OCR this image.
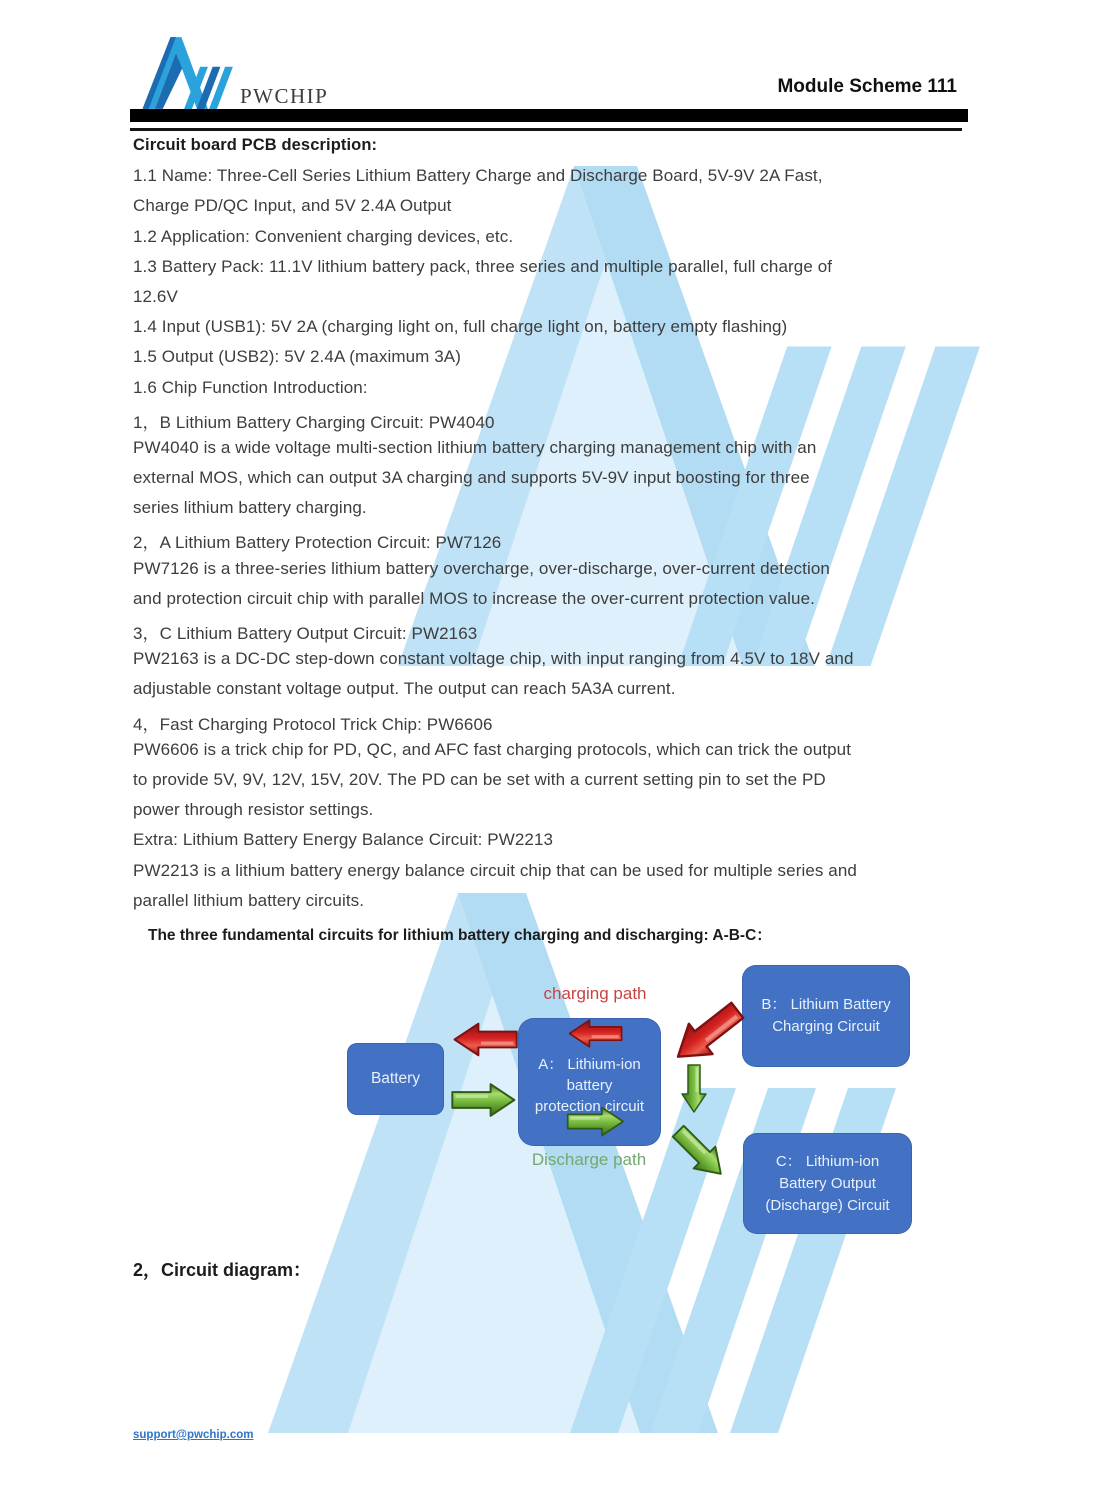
PWCHIP	Module Scheme 111
Circuit board PCB description:
1.1 Name: Three-Cell Series Lithium Battery Charge and Discharge Board, 5V-9V 2A Fast,
Charge PD/QC Input, and 5V 2.4A Output
1.2 Application: Convenient charging devices, etc.
1.3 Battery Pack: 11.1V lithium battery pack, three series and multiple parallel, full charge of
12.6V
1.4 Input (USB1): 5V 2A (charging light on, full charge light on, battery empty flashing)
1.5 Output (USB2): 5V 2.4A (maximum 3A)
1.6 Chip Function Introduction:
1，B Lithium Battery Charging Circuit: PW4040
PW4040 is a wide voltage multi-section lithium battery charging management chip with an
external MOS, which can output 3A charging and supports 5V-9V input boosting for three
series lithium battery charging.
2，A Lithium Battery Protection Circuit: PW7126
PW7126 is a three-series lithium battery overcharge, over-discharge, over-current detection
and protection circuit chip with parallel MOS to increase the over-current protection value.
3，C Lithium Battery Output Circuit: PW2163
PW2163 is a DC-DC step-down constant voltage chip, with input ranging from 4.5V to 18V and
adjustable constant voltage output. The output can reach 5A3A current.
4，Fast Charging Protocol Trick Chip: PW6606
PW6606 is a trick chip for PD, QC, and AFC fast charging protocols, which can trick the output
to provide 5V, 9V, 12V, 15V, 20V. The PD can be set with a current setting pin to set the PD
power through resistor settings.
Extra: Lithium Battery Energy Balance Circuit: PW2213
PW2213 is a lithium battery energy balance circuit chip that can be used for multiple series and
parallel lithium battery circuits.
The three fundamental circuits for lithium battery charging and discharging: A-B-C：
charging path
Discharge path
Battery
A： Lithium-ion
battery
protection circuit
B： Lithium Battery
Charging Circuit
C： Lithium-ion
Battery Output
(Discharge) Circuit
2，Circuit diagram：
support@pwchip.com
